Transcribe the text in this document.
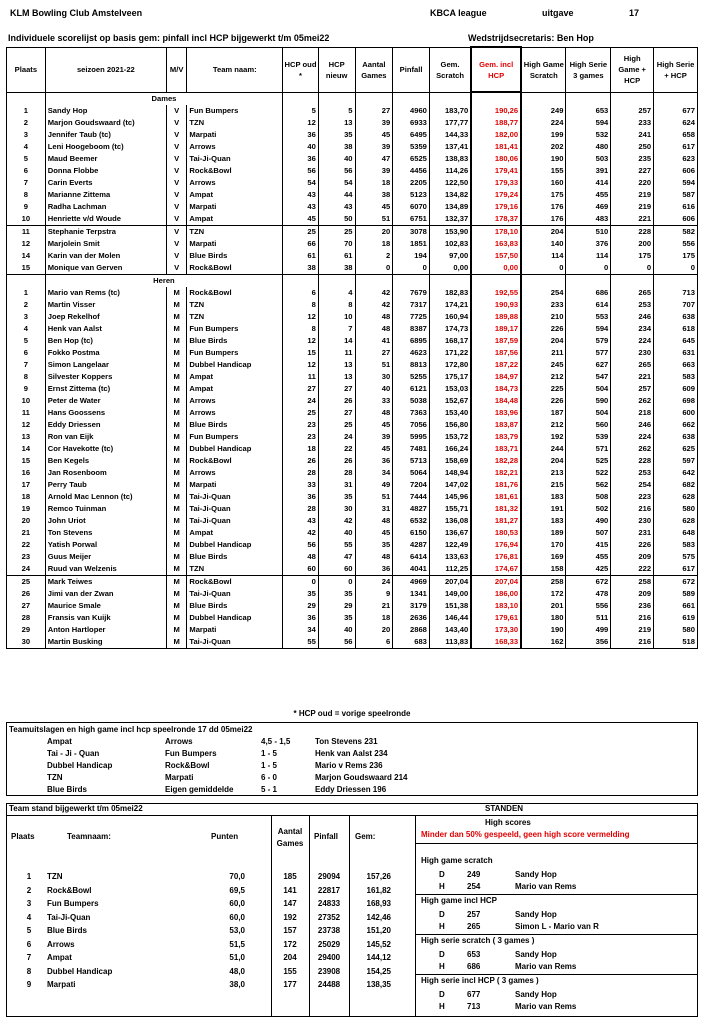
KLM Bowling Club Amstelveen	KBCA league	uitgave	17
Individuele scorelijst op basis gem: pinfall incl HCP bijgewerkt t/m 05mei22	Wedstrijdsecretaris: Ben Hop
Plaats	seizoen 2021-22	M/V	Team naam:	HCP oud *	HCP nieuw	Aantal Games	Pinfall	Gem. Scratch	Gem. incl HCP	High Game Scratch	High Serie 3 games	High Game + HCP	High Serie + HCP
	Dames												
1	Sandy Hop	V	Fun Bumpers	5	5	27	4960	183,70	190,26	249	653	257	677
2	Marjon Goudswaard (tc)	V	TZN	12	13	39	6933	177,77	188,77	224	594	233	624
3	Jennifer Taub (tc)	V	Marpati	36	35	45	6495	144,33	182,00	199	532	241	658
4	Leni Hoogeboom (tc)	V	Arrows	40	38	39	5359	137,41	181,41	202	480	250	617
5	Maud Beemer	V	Tai-Ji-Quan	36	40	47	6525	138,83	180,06	190	503	235	623
6	Donna Flobbe	V	Rock&Bowl	56	56	39	4456	114,26	179,41	155	391	227	606
7	Carin Everts	V	Arrows	54	54	18	2205	122,50	179,33	160	414	220	594
8	Marianne Zittema	V	Ampat	43	44	38	5123	134,82	179,24	175	455	219	587
9	Radha Lachman	V	Marpati	43	43	45	6070	134,89	179,16	176	469	219	616
10	Henriette v/d Woude	V	Ampat	45	50	51	6751	132,37	178,37	176	483	221	606
11	Stephanie Terpstra	V	TZN	25	25	20	3078	153,90	178,10	204	510	228	582
12	Marjolein Smit	V	Marpati	66	70	18	1851	102,83	163,83	140	376	200	556
14	Karin van der Molen	V	Blue Birds	61	61	2	194	97,00	157,50	114	114	175	175
15	Monique van Gerven	V	Rock&Bowl	38	38	0	0	0,00	0,00	0	0	0	0
	Heren												
1	Mario van Rems (tc)	M	Rock&Bowl	6	4	42	7679	182,83	192,55	254	686	265	713
2	Martin Visser	M	TZN	8	8	42	7317	174,21	190,93	233	614	253	707
3	Joep Rekelhof	M	TZN	12	10	48	7725	160,94	189,88	210	553	246	638
4	Henk van Aalst	M	Fun Bumpers	8	7	48	8387	174,73	189,17	226	594	234	618
5	Ben Hop (tc)	M	Blue Birds	12	14	41	6895	168,17	187,59	204	579	224	645
6	Fokko Postma	M	Fun Bumpers	15	11	27	4623	171,22	187,56	211	577	230	631
7	Simon Langelaar	M	Dubbel Handicap	12	13	51	8813	172,80	187,22	245	627	265	663
8	Silvester Koppers	M	Ampat	11	13	30	5255	175,17	184,97	212	547	221	583
9	Ernst Zittema (tc)	M	Ampat	27	27	40	6121	153,03	184,73	225	504	257	609
10	Peter de Water	M	Arrows	24	26	33	5038	152,67	184,48	226	590	262	698
11	Hans Goossens	M	Arrows	25	27	48	7363	153,40	183,96	187	504	218	600
12	Eddy Driessen	M	Blue Birds	23	25	45	7056	156,80	183,87	212	560	246	662
13	Ron van Eijk	M	Fun Bumpers	23	24	39	5995	153,72	183,79	192	539	224	638
14	Cor Havekotte (tc)	M	Dubbel Handicap	18	22	45	7481	166,24	183,71	244	571	262	625
15	Ben Kegels	M	Rock&Bowl	26	26	36	5713	158,69	182,28	204	525	228	597
16	Jan Rosenboom	M	Arrows	28	28	34	5064	148,94	182,21	213	522	253	642
17	Perry Taub	M	Marpati	33	31	49	7204	147,02	181,76	215	562	254	682
18	Arnold Mac Lennon (tc)	M	Tai-Ji-Quan	36	35	51	7444	145,96	181,61	183	508	223	628
19	Remco Tuinman	M	Tai-Ji-Quan	28	30	31	4827	155,71	181,32	191	502	216	580
20	John Uriot	M	Tai-Ji-Quan	43	42	48	6532	136,08	181,27	183	490	230	628
21	Ton Stevens	M	Ampat	42	40	45	6150	136,67	180,53	189	507	231	648
22	Yatish Porwal	M	Dubbel Handicap	56	55	35	4287	122,49	176,94	170	415	226	583
23	Guus Meijer	M	Blue Birds	48	47	48	6414	133,63	176,81	169	455	209	575
24	Ruud van Welzenis	M	TZN	60	60	36	4041	112,25	174,67	158	425	222	617
25	Mark Teiwes	M	Rock&Bowl	0	0	24	4969	207,04	207,04	258	672	258	672
26	Jimi van der Zwan	M	Tai-Ji-Quan	35	35	9	1341	149,00	186,00	172	478	209	589
27	Maurice Smale	M	Blue Birds	29	29	21	3179	151,38	183,10	201	556	236	661
28	Fransis van Kuijk	M	Dubbel Handicap	36	35	18	2636	146,44	179,61	180	511	216	619
29	Anton Hartloper	M	Marpati	34	40	20	2868	143,40	173,30	190	499	219	580
30	Martin Busking	M	Tai-Ji-Quan	55	56	6	683	113,83	168,33	162	356	216	518
* HCP oud = vorige speelronde
Teamuitslagen en high game incl hcp speelronde 17 dd 05mei22
Ampat	Arrows	4,5 - 1,5	Ton Stevens 231
Tai - Ji - Quan	Fun Bumpers	1 - 5	Henk van Aalst 234
Dubbel Handicap	Rock&Bowl	1 - 5	Mario v Rems 236
TZN	Marpati	6 - 0	Marjon Goudswaard 214
Blue Birds	Eigen gemiddelde	5 - 1	Eddy Driessen 196
Team stand bijgewerkt t/m 05mei22	STANDEN
Plaats	Teamnaam:	Punten
Aantal Games
Pinfall Gem:
1	TZN	70,0	185	29094	157,26
2	Rock&Bowl	69,5	141	22817	161,82
3	Fun Bumpers	60,0	147	24833	168,93
4	Tai-Ji-Quan	60,0	192	27352	142,46
5	Blue Birds	53,0	157	23738	151,20
6	Arrows	51,5	172	25029	145,52
7	Ampat	51,0	204	29400	144,12
8	Dubbel Handicap	48,0	155	23908	154,25
9	Marpati	38,0	177	24488	138,35
High scores
Minder dan 50% gespeeld, geen high score vermelding
High game scratch
D	249	Sandy Hop
H	254	Mario van Rems
High game incl HCP
D	257	Sandy Hop
H	265	Simon L - Mario van R
High serie scratch ( 3 games )
D	653	Sandy Hop
H	686	Mario van Rems
High serie incl HCP ( 3 games )
D	677	Sandy Hop
H	713	Mario van Rems
